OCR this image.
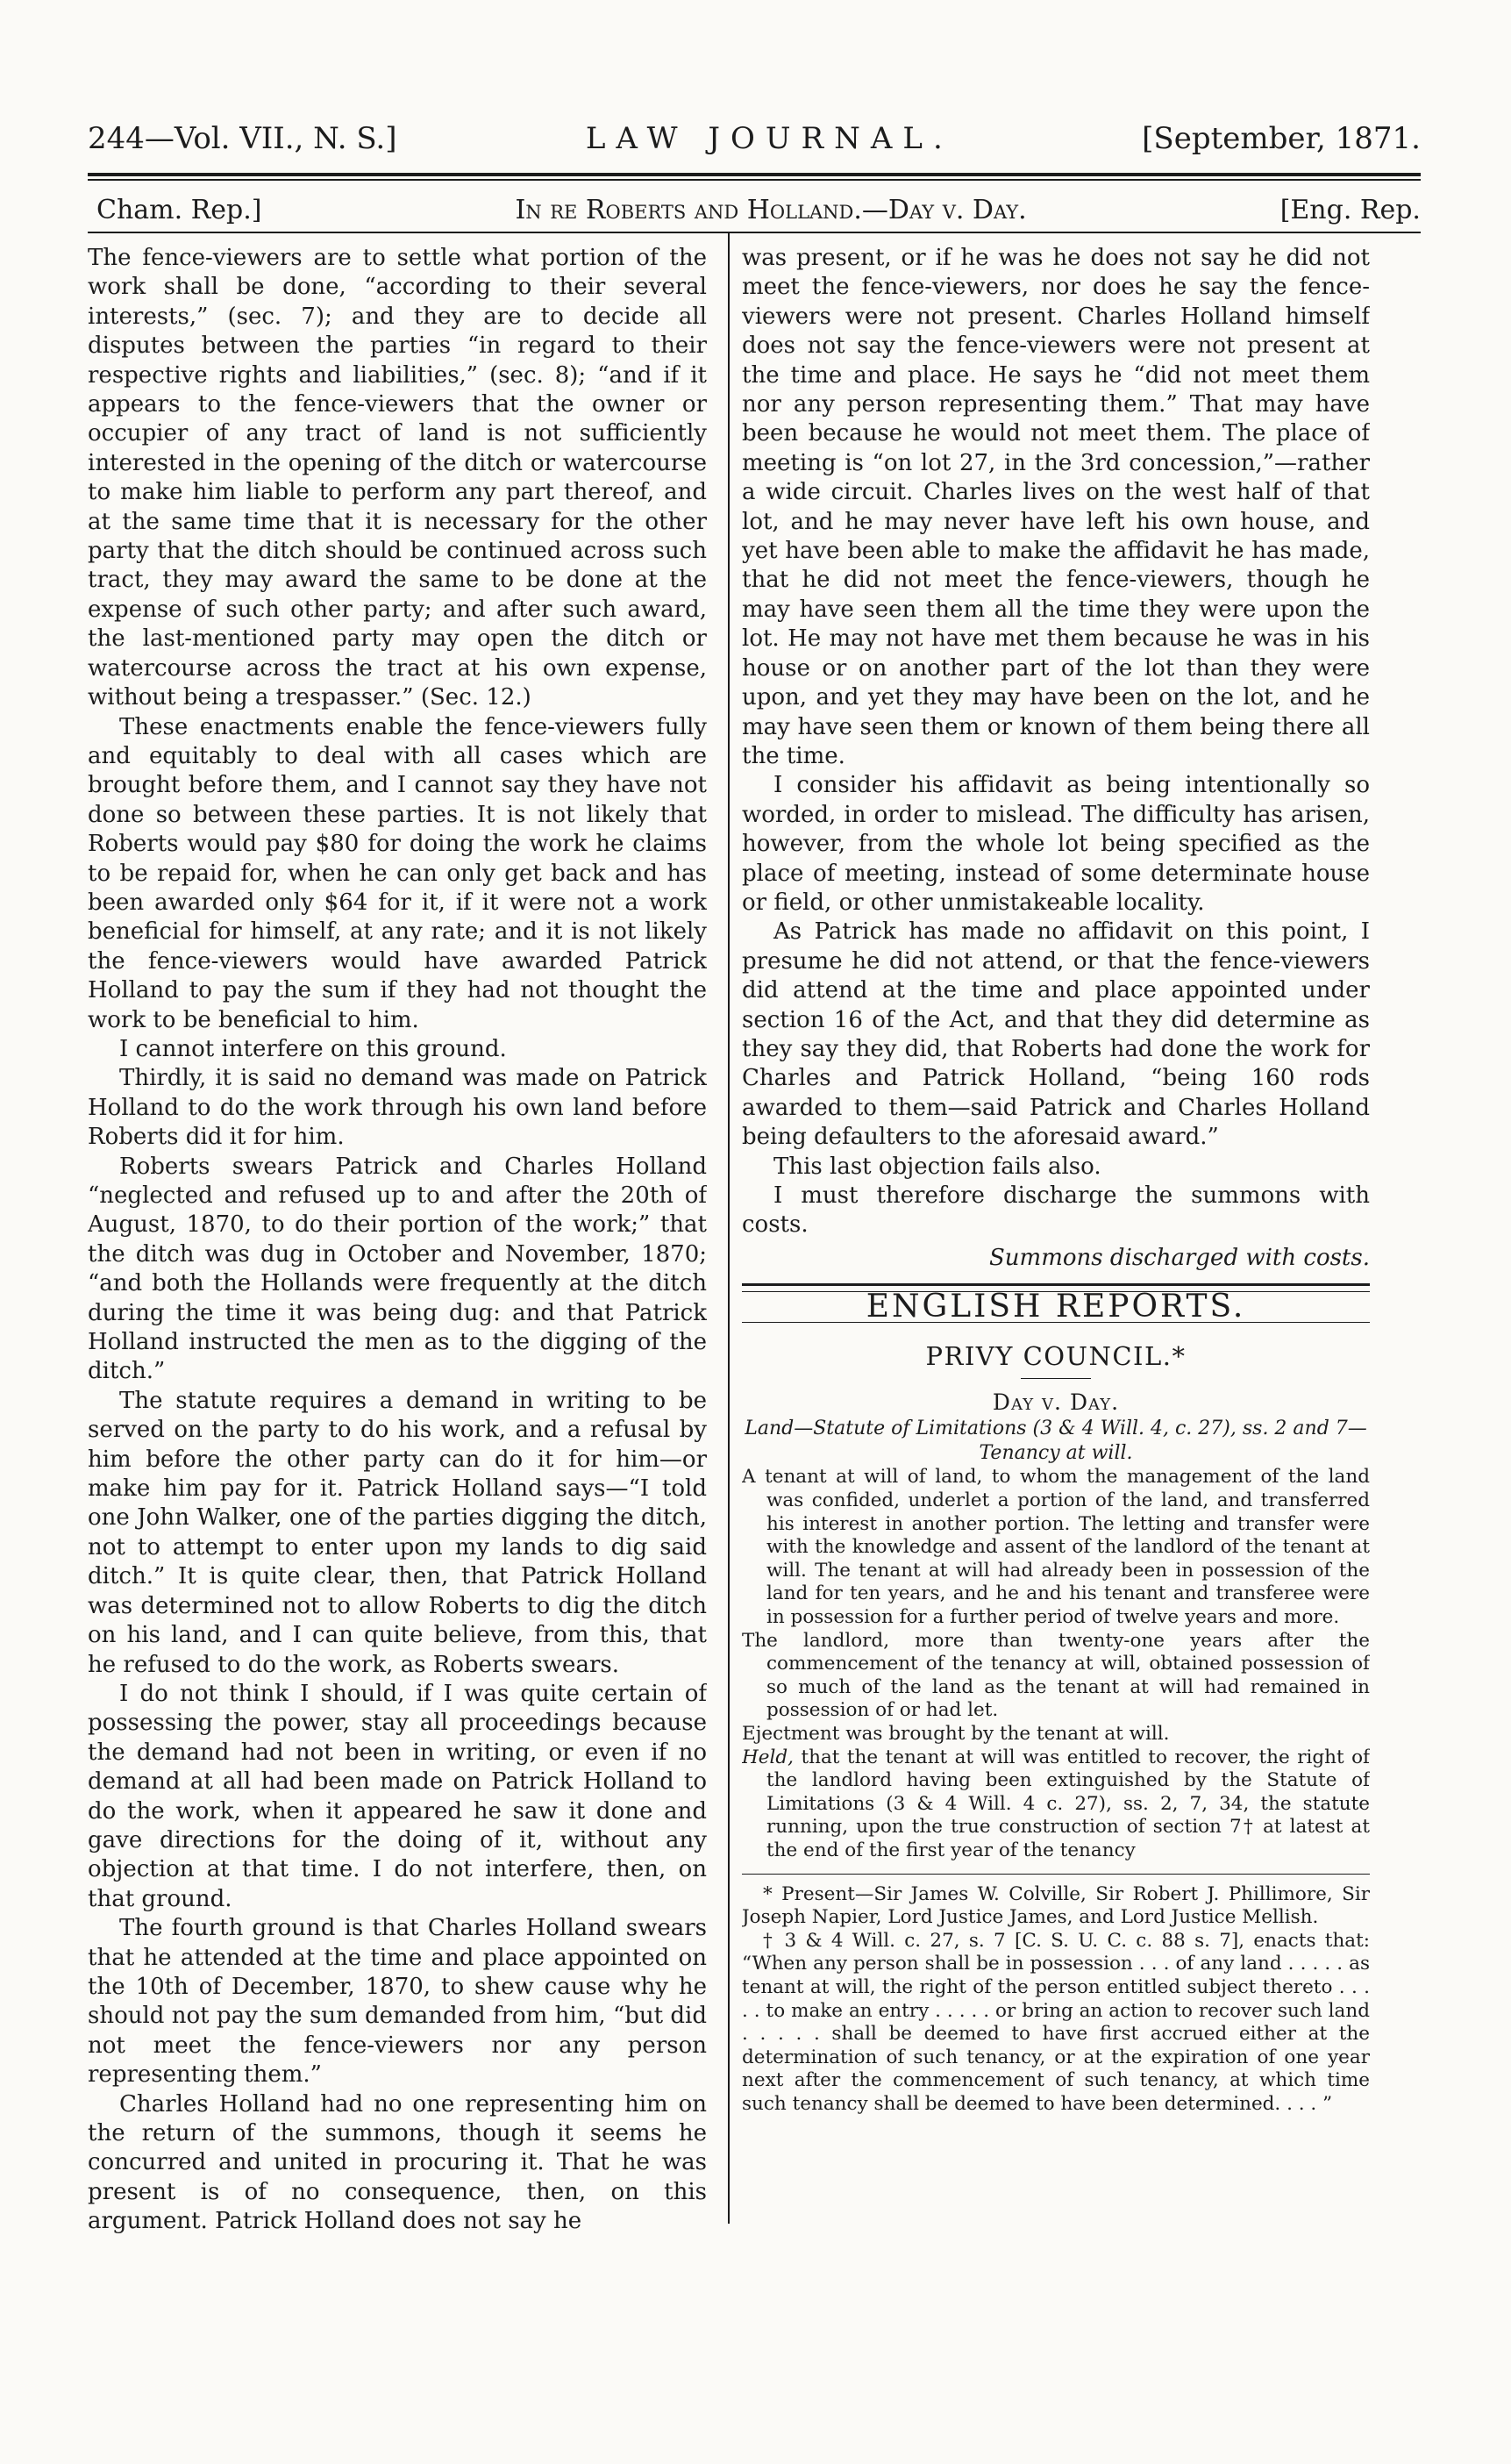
244—Vol. VII., N. S.]	LAW JOURNAL.	[September, 1871.
Cham. Rep.]	In re Roberts and Holland.—Day v. Day.	[Eng. Rep.

The fence-viewers are to settle what portion of the work shall be done, “according to their several interests,” (sec. 7); and they are to decide all disputes between the parties “in regard to their respective rights and liabilities,” (sec. 8); “and if it appears to the fence-viewers that the owner or occupier of any tract of land is not sufficiently interested in the opening of the ditch or watercourse to make him liable to perform any part thereof, and at the same time that it is necessary for the other party that the ditch should be continued across such tract, they may award the same to be done at the expense of such other party; and after such award, the last-mentioned party may open the ditch or watercourse across the tract at his own expense, without being a trespasser.” (Sec. 12.)

These enactments enable the fence-viewers fully and equitably to deal with all cases which are brought before them, and I cannot say they have not done so between these parties. It is not likely that Roberts would pay $80 for doing the work he claims to be repaid for, when he can only get back and has been awarded only $64 for it, if it were not a work beneficial for himself, at any rate; and it is not likely the fence-viewers would have awarded Patrick Holland to pay the sum if they had not thought the work to be beneficial to him.

I cannot interfere on this ground.

Thirdly, it is said no demand was made on Patrick Holland to do the work through his own land before Roberts did it for him.

Roberts swears Patrick and Charles Holland “neglected and refused up to and after the 20th of August, 1870, to do their portion of the work;” that the ditch was dug in October and November, 1870; “and both the Hollands were frequently at the ditch during the time it was being dug: and that Patrick Holland instructed the men as to the digging of the ditch.”

The statute requires a demand in writing to be served on the party to do his work, and a refusal by him before the other party can do it for him—or make him pay for it. Patrick Holland says—“I told one John Walker, one of the parties digging the ditch, not to attempt to enter upon my lands to dig said ditch.” It is quite clear, then, that Patrick Holland was determined not to allow Roberts to dig the ditch on his land, and I can quite believe, from this, that he refused to do the work, as Roberts swears.

I do not think I should, if I was quite certain of possessing the power, stay all proceedings because the demand had not been in writing, or even if no demand at all had been made on Patrick Holland to do the work, when it appeared he saw it done and gave directions for the doing of it, without any objection at that time. I do not interfere, then, on that ground.

The fourth ground is that Charles Holland swears that he attended at the time and place appointed on the 10th of December, 1870, to shew cause why he should not pay the sum demanded from him, “but did not meet the fence-viewers nor any person representing them.”

Charles Holland had no one representing him on the return of the summons, though it seems he concurred and united in procuring it. That he was present is of no consequence, then, on this argument. Patrick Holland does not say he

was present, or if he was he does not say he did not meet the fence-viewers, nor does he say the fence-viewers were not present. Charles Holland himself does not say the fence-viewers were not present at the time and place. He says he “did not meet them nor any person representing them.” That may have been because he would not meet them. The place of meeting is “on lot 27, in the 3rd concession,”—rather a wide circuit. Charles lives on the west half of that lot, and he may never have left his own house, and yet have been able to make the affidavit he has made, that he did not meet the fence-viewers, though he may have seen them all the time they were upon the lot. He may not have met them because he was in his house or on another part of the lot than they were upon, and yet they may have been on the lot, and he may have seen them or known of them being there all the time.

I consider his affidavit as being intentionally so worded, in order to mislead. The difficulty has arisen, however, from the whole lot being specified as the place of meeting, instead of some determinate house or field, or other unmistakeable locality.

As Patrick has made no affidavit on this point, I presume he did not attend, or that the fence-viewers did attend at the time and place appointed under section 16 of the Act, and that they did determine as they say they did, that Roberts had done the work for Charles and Patrick Holland, “being 160 rods awarded to them—said Patrick and Charles Holland being defaulters to the aforesaid award.”

This last objection fails also.

I must therefore discharge the summons with costs.

Summons discharged with costs.

ENGLISH REPORTS.

PRIVY COUNCIL.*

Day v. Day.

Land—Statute of Limitations (3 & 4 Will. 4, c. 27), ss. 2 and 7—Tenancy at will.

A tenant at will of land, to whom the management of the land was confided, underlet a portion of the land, and transferred his interest in another portion. The letting and transfer were with the knowledge and assent of the landlord of the tenant at will. The tenant at will had already been in possession of the land for ten years, and he and his tenant and transferee were in possession for a further period of twelve years and more.

The landlord, more than twenty-one years after the commencement of the tenancy at will, obtained possession of so much of the land as the tenant at will had remained in possession of or had let.

Ejectment was brought by the tenant at will.

Held, that the tenant at will was entitled to recover, the right of the landlord having been extinguished by the Statute of Limitations (3 & 4 Will. 4 c. 27), ss. 2, 7, 34, the statute running, upon the true construction of section 7† at latest at the end of the first year of the tenancy

* Present—Sir James W. Colville, Sir Robert J. Phillimore, Sir Joseph Napier, Lord Justice James, and Lord Justice Mellish.

† 3 & 4 Will. c. 27, s. 7 [C. S. U. C. c. 88 s. 7], enacts that: “When any person shall be in possession . . . of any land . . . . . as tenant at will, the right of the person entitled subject thereto . . . . . to make an entry . . . . . or bring an action to recover such land . . . . . shall be deemed to have first accrued either at the determination of such tenancy, or at the expiration of one year next after the commencement of such tenancy, at which time such tenancy shall be deemed to have been determined. . . . ”
